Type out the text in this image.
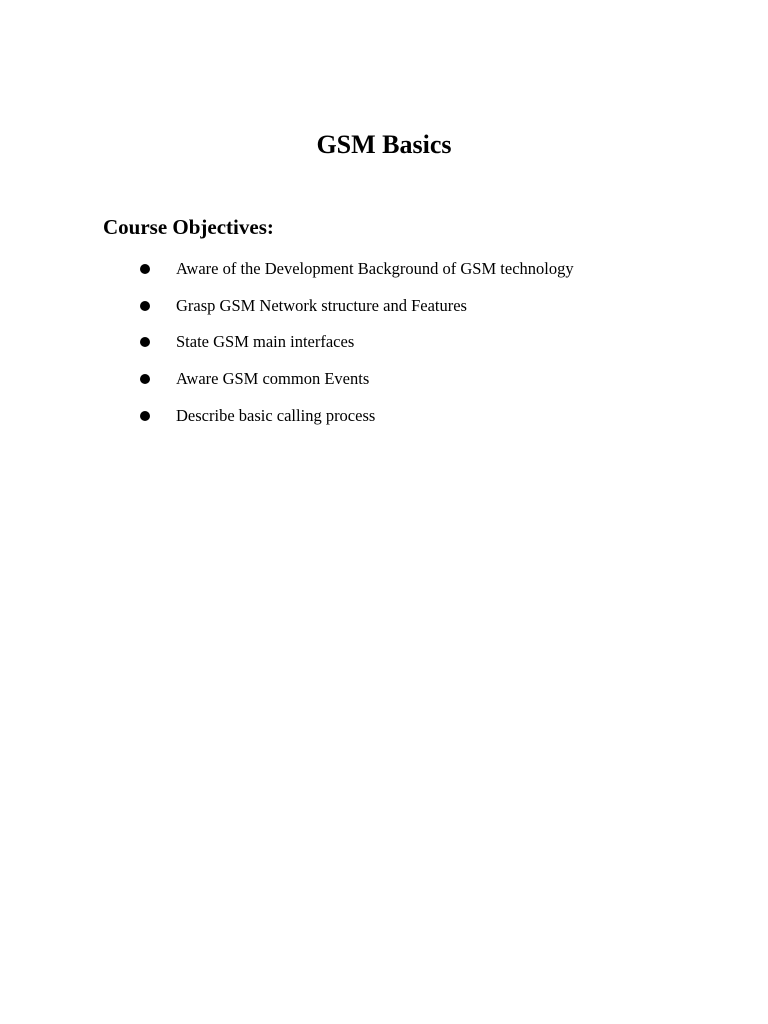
GSM Basics
Course Objectives:
Aware of the Development Background of GSM technology
Grasp GSM Network structure and Features
State GSM main interfaces
Aware GSM common Events
Describe basic calling process
